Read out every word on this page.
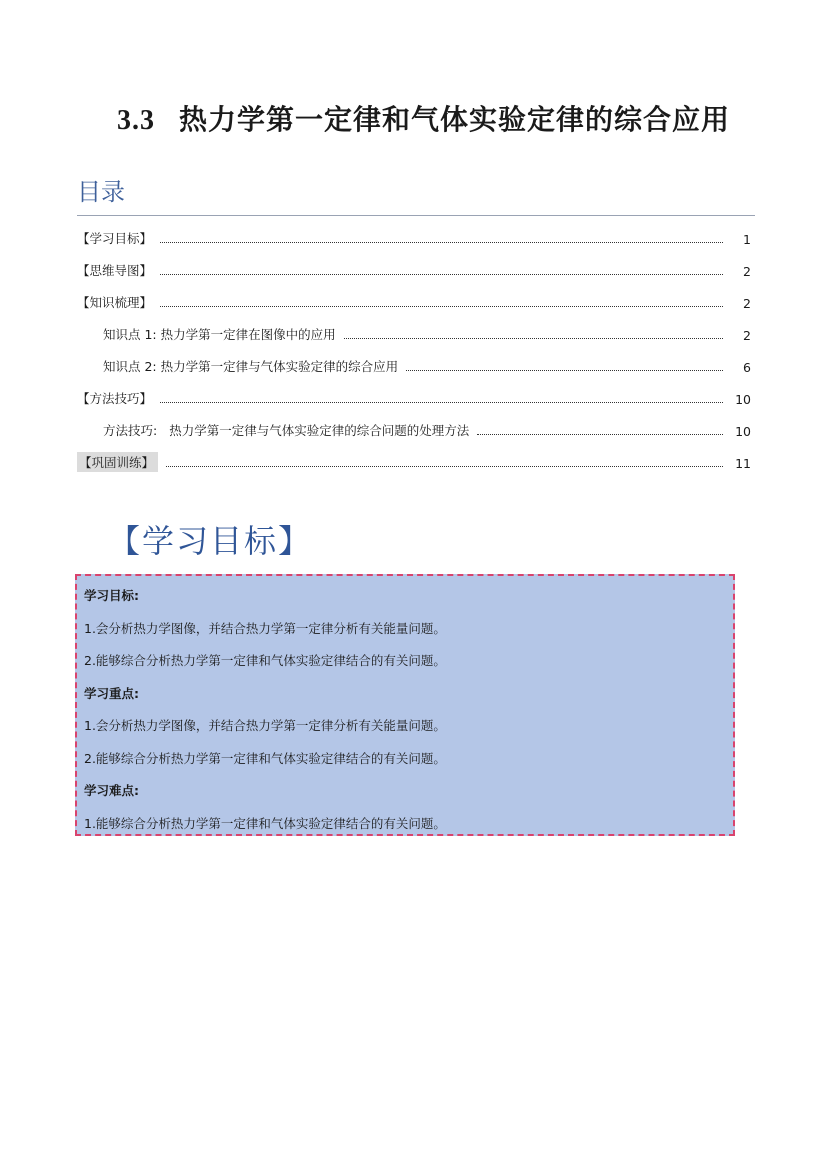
3.3 热力学第一定律和气体实验定律的综合应用
目录
【学习目标】	1
【思维导图】	2
【知识梳理】	2
知识点 1: 热力学第一定律在图像中的应用	2
知识点 2: 热力学第一定律与气体实验定律的综合应用	6
【方法技巧】	10
方法技巧: 热力学第一定律与气体实验定律的综合问题的处理方法	10
【巩固训练】	11
【学习目标】
学习目标:
1.会分析热力学图像，并结合热力学第一定律分析有关能量问题。
2.能够综合分析热力学第一定律和气体实验定律结合的有关问题。
学习重点:
1.会分析热力学图像，并结合热力学第一定律分析有关能量问题。
2.能够综合分析热力学第一定律和气体实验定律结合的有关问题。
学习难点:
1.能够综合分析热力学第一定律和气体实验定律结合的有关问题。
